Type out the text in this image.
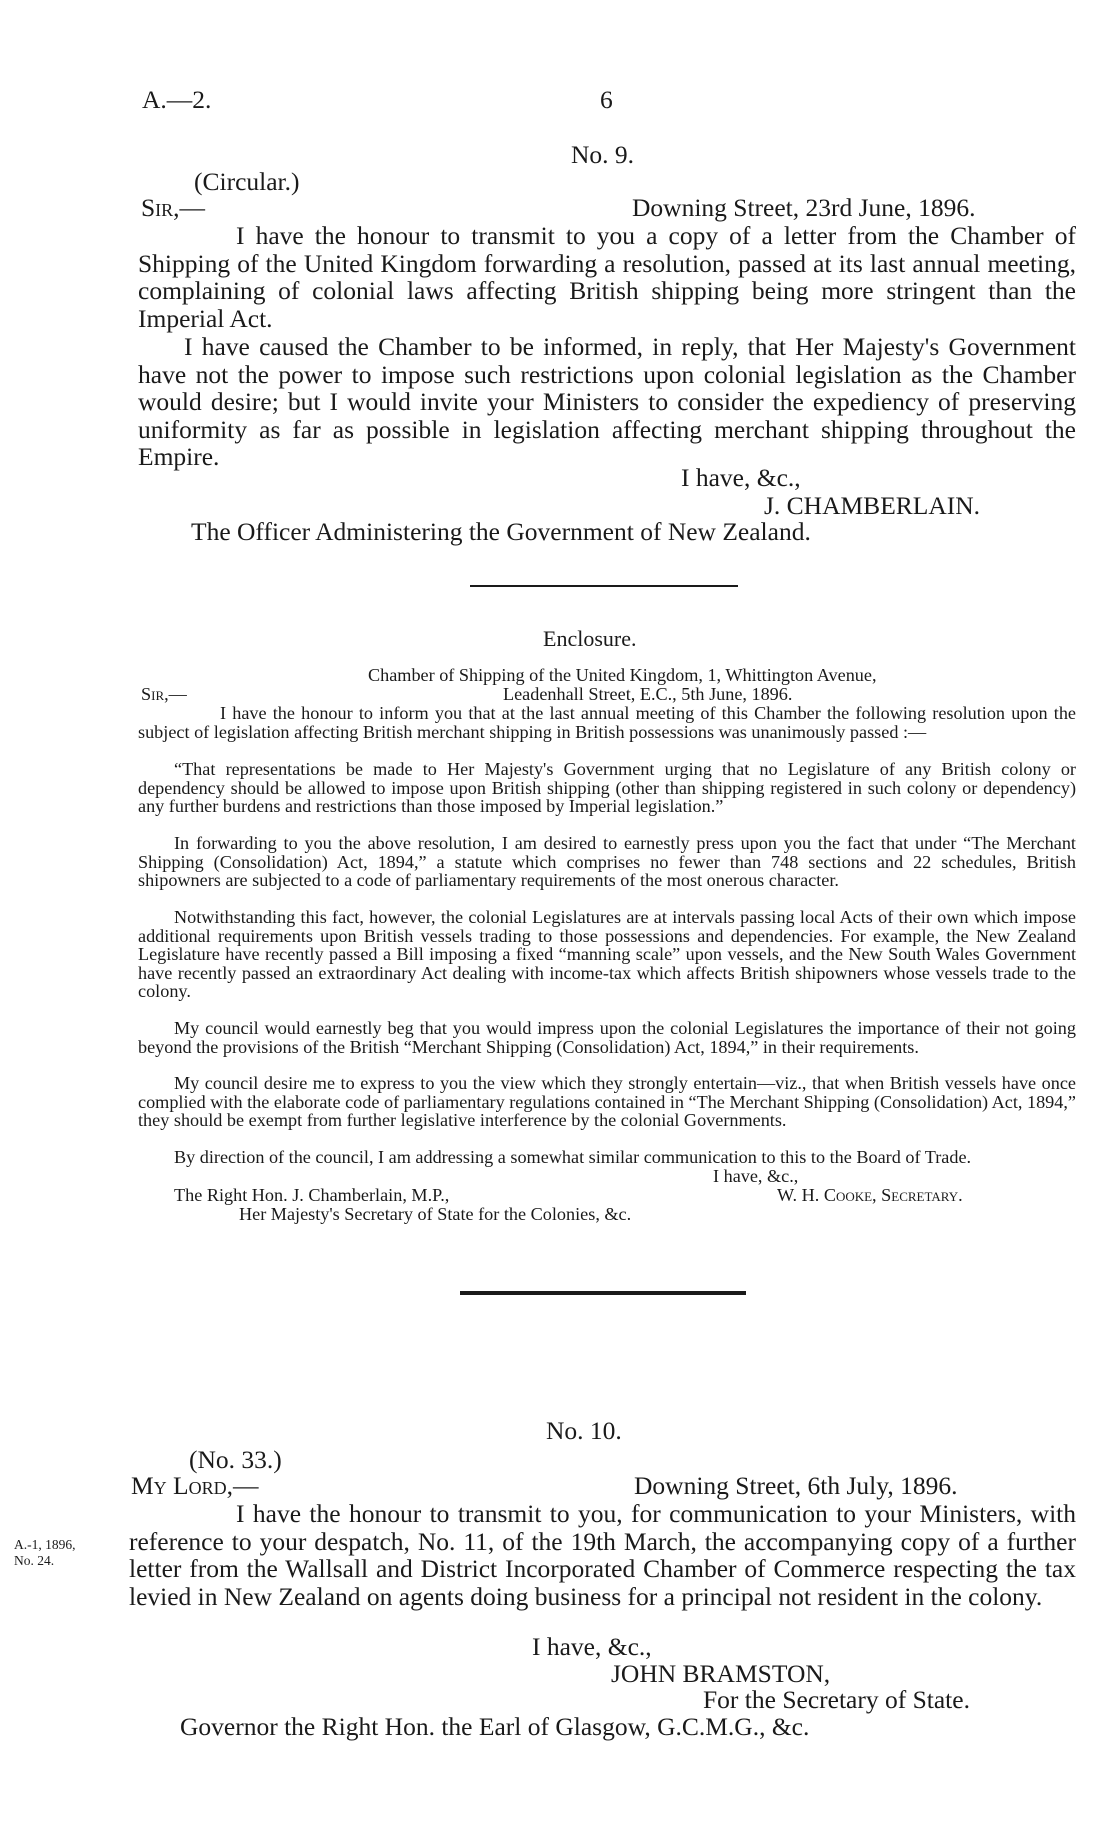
A.—2.	6
No. 9.
(Circular.)
Sir,—	Downing Street, 23rd June, 1896.
I have the honour to transmit to you a copy of a letter from the Chamber of Shipping of the United Kingdom forwarding a resolution, passed at its last annual meeting, complaining of colonial laws affecting British shipping being more stringent than the Imperial Act.
I have caused the Chamber to be informed, in reply, that Her Majesty's Government have not the power to impose such restrictions upon colonial legislation as the Chamber would desire; but I would invite your Ministers to consider the expediency of preserving uniformity as far as possible in legislation affecting merchant shipping throughout the Empire.
I have, &c.,
J. CHAMBERLAIN.
The Officer Administering the Government of New Zealand.
Enclosure.
Chamber of Shipping of the United Kingdom, 1, Whittington Avenue,
Sir,—	Leadenhall Street, E.C., 5th June, 1896.
I have the honour to inform you that at the last annual meeting of this Chamber the following resolution upon the subject of legislation affecting British merchant shipping in British possessions was unanimously passed :—
“That representations be made to Her Majesty's Government urging that no Legislature of any British colony or dependency should be allowed to impose upon British shipping (other than shipping registered in such colony or dependency) any further burdens and restrictions than those imposed by Imperial legislation.”
In forwarding to you the above resolution, I am desired to earnestly press upon you the fact that under “The Merchant Shipping (Consolidation) Act, 1894,” a statute which comprises no fewer than 748 sections and 22 schedules, British shipowners are subjected to a code of parliamentary requirements of the most onerous character.
Notwithstanding this fact, however, the colonial Legislatures are at intervals passing local Acts of their own which impose additional requirements upon British vessels trading to those possessions and dependencies. For example, the New Zealand Legislature have recently passed a Bill imposing a fixed “manning scale” upon vessels, and the New South Wales Government have recently passed an extraordinary Act dealing with income-tax which affects British shipowners whose vessels trade to the colony.
My council would earnestly beg that you would impress upon the colonial Legislatures the importance of their not going beyond the provisions of the British “Merchant Shipping (Consolidation) Act, 1894,” in their requirements.
My council desire me to express to you the view which they strongly entertain—viz., that when British vessels have once complied with the elaborate code of parliamentary regulations contained in “The Merchant Shipping (Consolidation) Act, 1894,” they should be exempt from further legislative interference by the colonial Governments.
By direction of the council, I am addressing a somewhat similar communication to this to the Board of Trade.
I have, &c.,
The Right Hon. J. Chamberlain, M.P.,	W. H. Cooke, Secretary.
Her Majesty's Secretary of State for the Colonies, &c.
No. 10.
(No. 33.)
My Lord,—	Downing Street, 6th July, 1896.
A.-1, 1896,
No. 24.
I have the honour to transmit to you, for communication to your Ministers, with reference to your despatch, No. 11, of the 19th March, the accompanying copy of a further letter from the Wallsall and District Incorporated Chamber of Commerce respecting the tax levied in New Zealand on agents doing business for a principal not resident in the colony.
I have, &c.,
JOHN BRAMSTON,
For the Secretary of State.
Governor the Right Hon. the Earl of Glasgow, G.C.M.G., &c.
